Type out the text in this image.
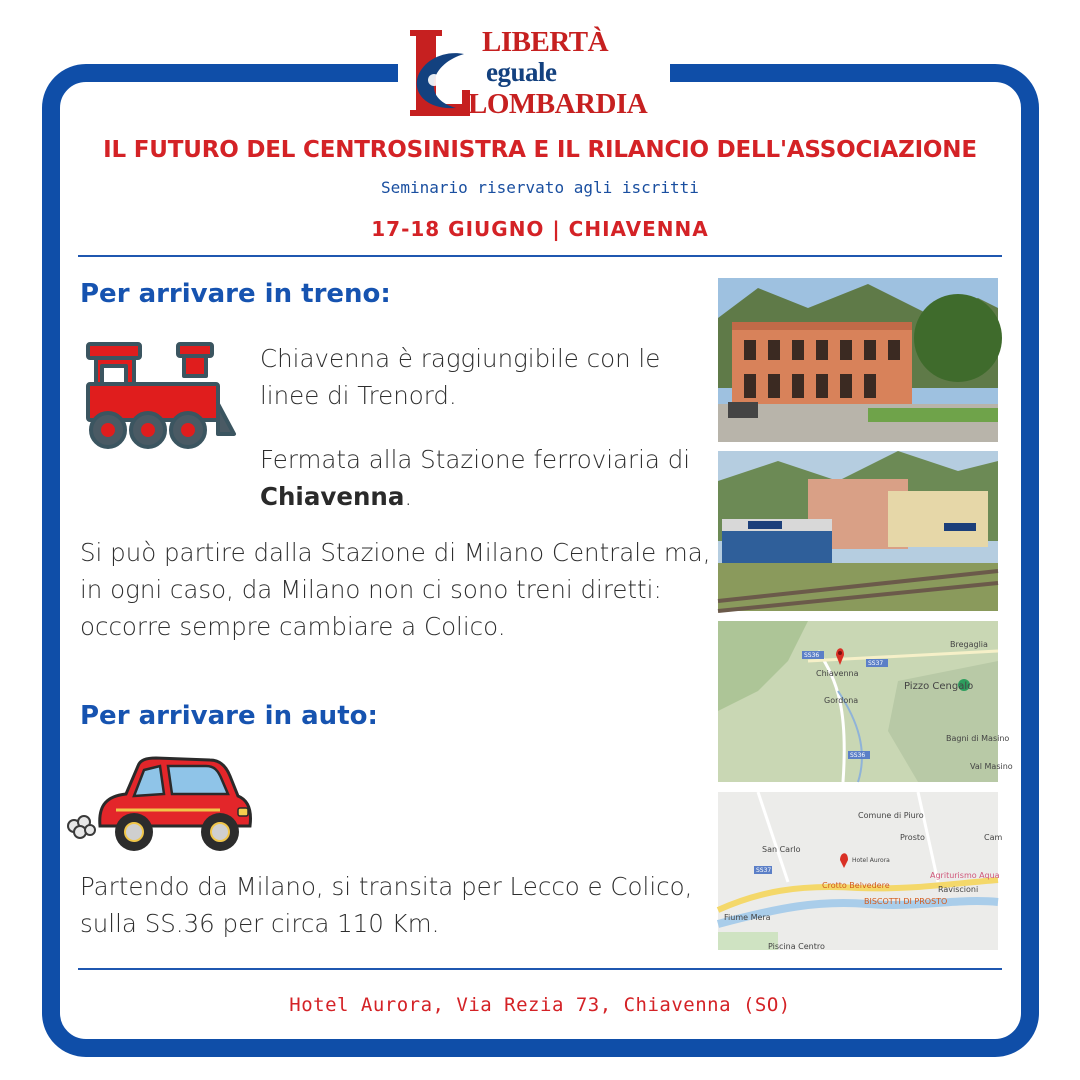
LIBERTÀ
eguale
LOMBARDIA
IL FUTURO DEL CENTROSINISTRA E IL RILANCIO DELL'ASSOCIAZIONE
Seminario riservato agli iscritti
17-18 GIUGNO | CHIAVENNA
Per arrivare in treno:
Chiavenna è raggiungibile con le linee di Trenord.
Fermata alla Stazione ferroviaria di Chiavenna.
Si può partire dalla Stazione di Milano Centrale ma, in ogni caso, da Milano non ci sono treni diretti: occorre sempre cambiare a Colico.
Per arrivare in auto:
Partendo da Milano, si transita per Lecco e Colico, sulla SS.36 per circa 110 Km.
SS36
SS37
Chiavenna
Bregaglia
Pizzo Cengalo
Gordona
SS36
Bagni di Masino
Val Masino
Comune di Piuro
Prosto
San Carlo
Hotel Aurora
Agriturismo Aqua
SS37
Crotto Belvedere	Raviscioni
BISCOTTI DI PROSTO
Fiume Mera
Piscina Centro
Cam
Hotel Aurora, Via Rezia 73, Chiavenna (SO)
